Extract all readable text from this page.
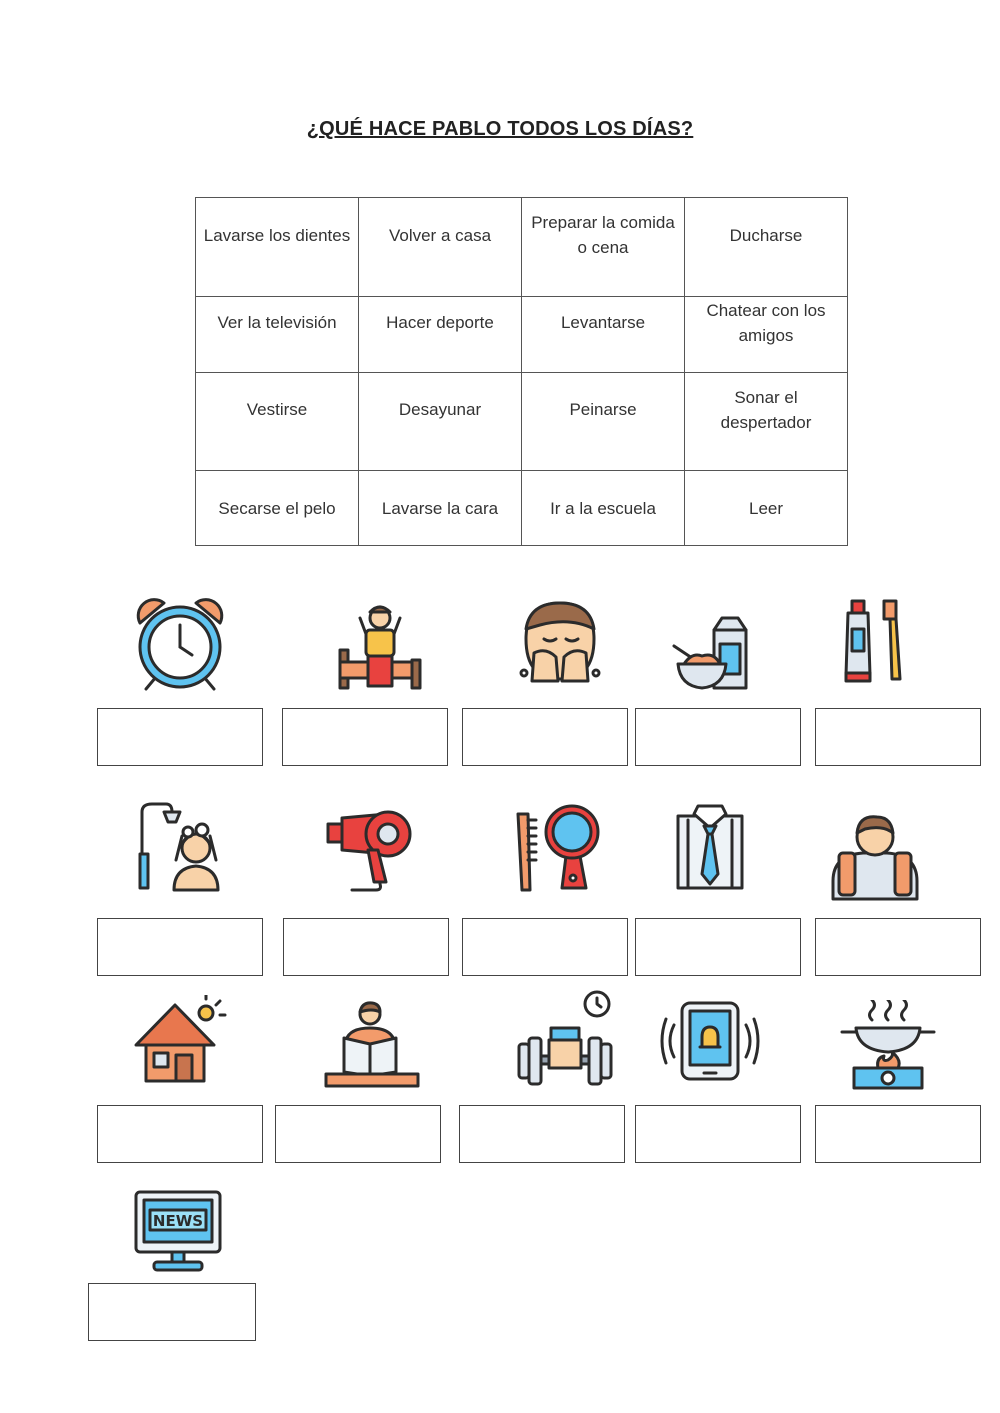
¿QUÉ HACE PABLO TODOS LOS DÍAS?
Lavarse los dientes	Volver a casa	Preparar la comida o cena	Ducharse
Ver la televisión	Hacer deporte	Levantarse	Chatear con los amigos
Vestirse	Desayunar	Peinarse	Sonar el despertador
Secarse el pelo	Lavarse la cara	Ir a la escuela	Leer
NEWS
